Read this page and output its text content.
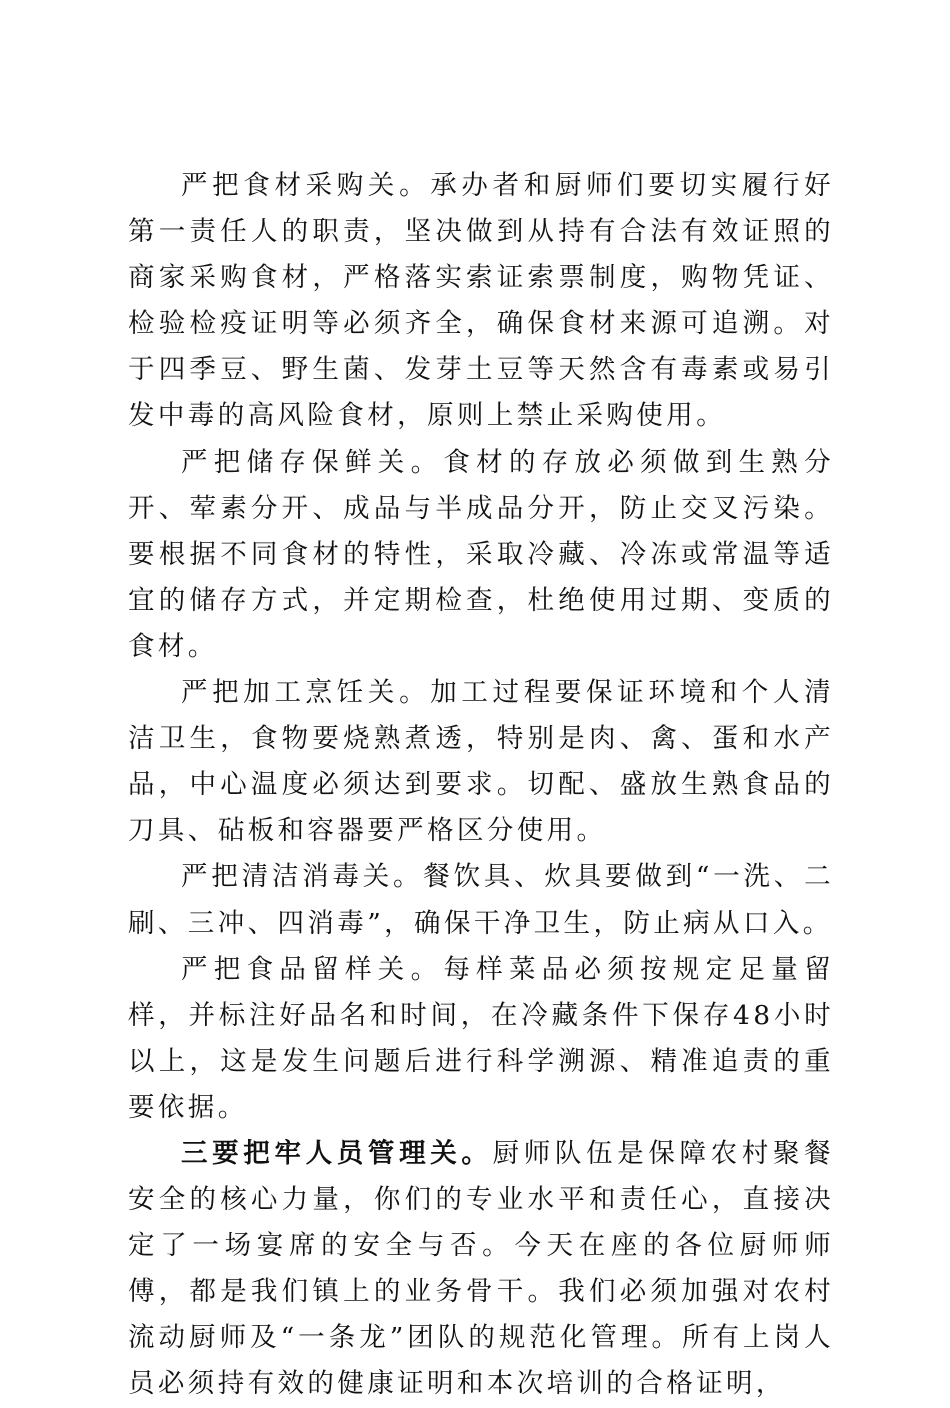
严把食材采购关。承办者和厨师们要切实履行好第一责任人的职责，坚决做到从持有合法有效证照的商家采购食材，严格落实索证索票制度，购物凭证、检验检疫证明等必须齐全，确保食材来源可追溯。对于四季豆、野生菌、发芽土豆等天然含有毒素或易引发中毒的高风险食材，原则上禁止采购使用。

严把储存保鲜关。食材的存放必须做到生熟分开、荤素分开、成品与半成品分开，防止交叉污染。要根据不同食材的特性，采取冷藏、冷冻或常温等适宜的储存方式，并定期检查，杜绝使用过期、变质的食材。

严把加工烹饪关。加工过程要保证环境和个人清洁卫生，食物要烧熟煮透，特别是肉、禽、蛋和水产品，中心温度必须达到要求。切配、盛放生熟食品的刀具、砧板和容器要严格区分使用。

严把清洁消毒关。餐饮具、炊具要做到“一洗、二刷、三冲、四消毒”，确保干净卫生，防止病从口入。

严把食品留样关。每样菜品必须按规定足量留样，并标注好品名和时间，在冷藏条件下保存48小时以上，这是发生问题后进行科学溯源、精准追责的重要依据。

三要把牢人员管理关。厨师队伍是保障农村聚餐安全的核心力量，你们的专业水平和责任心，直接决定了一场宴席的安全与否。今天在座的各位厨师师傅，都是我们镇上的业务骨干。我们必须加强对农村流动厨师及“一条龙”团队的规范化管理。所有上岗人员必须持有效的健康证明和本次培训的合格证明，
